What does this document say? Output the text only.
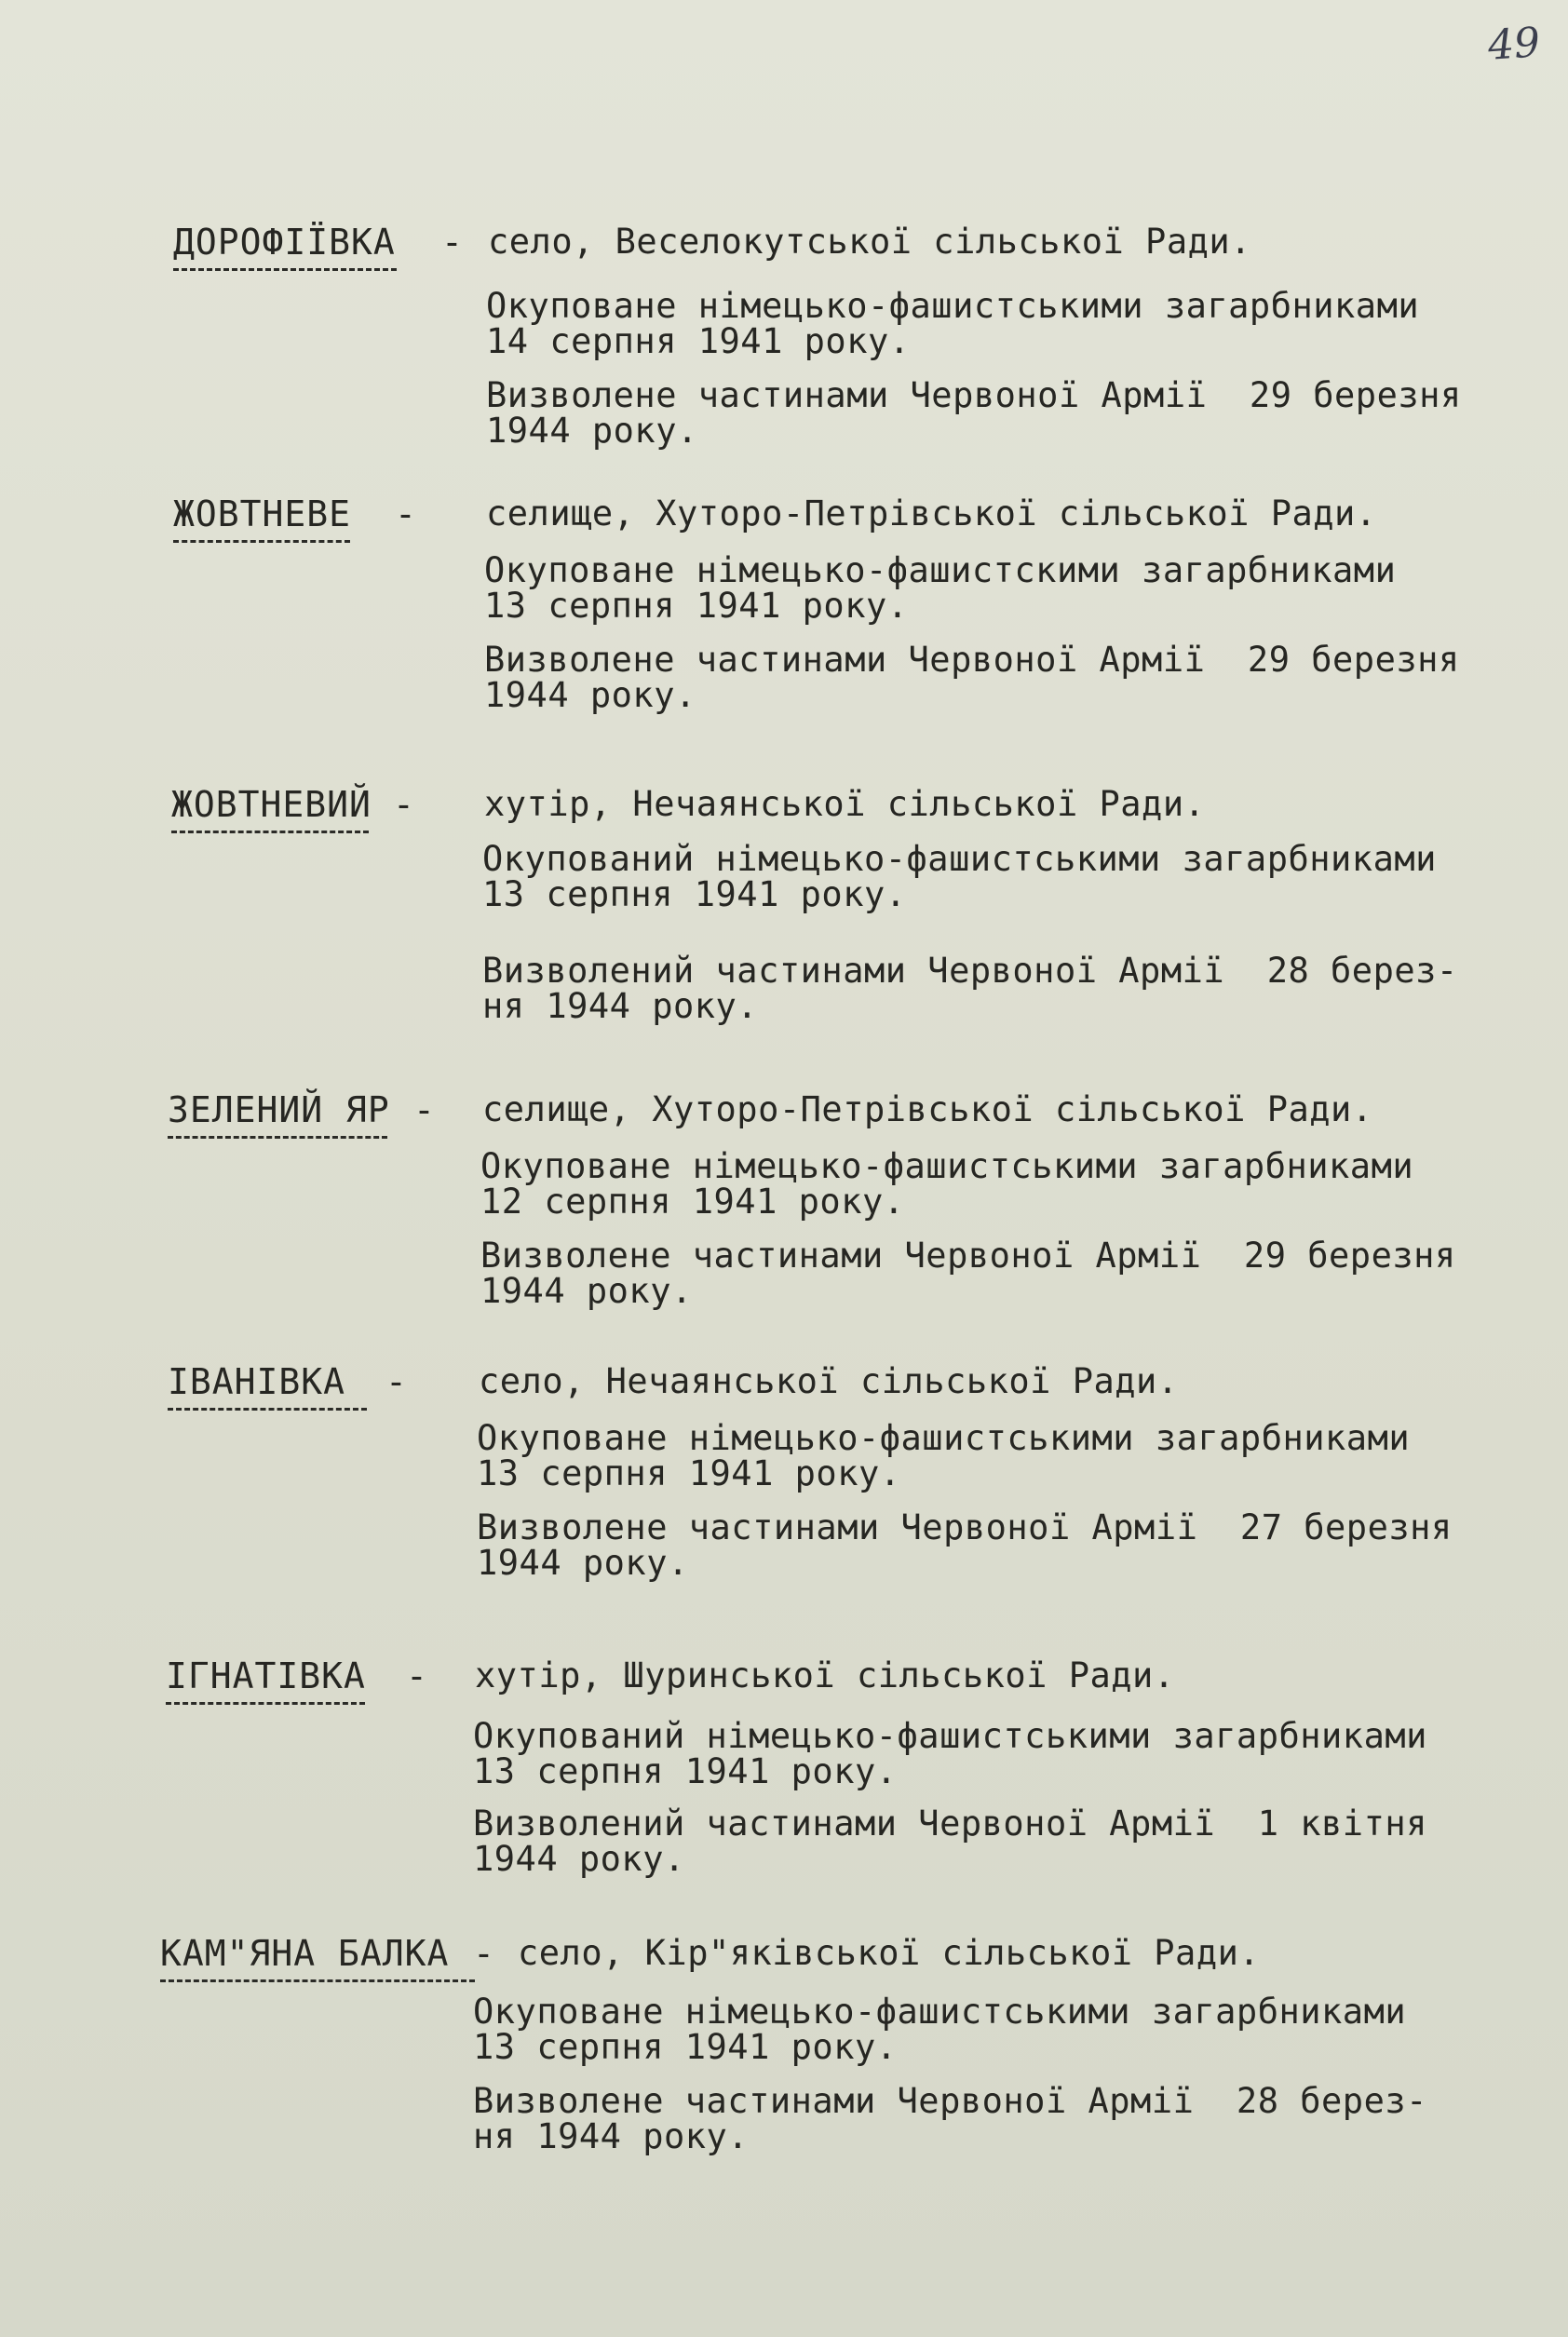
49
ДОРОФІЇВКА - село, Веселокутської сільської Ради.
Окуповане німецько-фашистськими загарбниками
14 серпня 1941 року.
Визволене частинами Червоної Армії  29 березня
1944 року.
ЖОВТНЕВЕ - селище, Хуторо-Петрівської сільської Ради.
Окуповане німецько-фашистскими загарбниками
13 серпня 1941 року.
Визволене частинами Червоної Армії  29 березня
1944 року.
ЖОВТНЕВИЙ - хутір, Нечаянської сільської Ради.
Окупований німецько-фашистськими загарбниками
13 серпня 1941 року.
Визволений частинами Червоної Армії  28 берез-
ня 1944 року.
ЗЕЛЕНИЙ ЯР - селище, Хуторо-Петрівської сільської Ради.
Окуповане німецько-фашистськими загарбниками
12 серпня 1941 року.
Визволене частинами Червоної Армії  29 березня
1944 року.
ІВАНІВКА - село, Нечаянської сільської Ради.
Окуповане німецько-фашистськими загарбниками
13 серпня 1941 року.
Визволене частинами Червоної Армії  27 березня
1944 року.
ІГНАТІВКА - хутір, Шуринської сільської Ради.
Окупований німецько-фашистськими загарбниками
13 серпня 1941 року.
Визволений частинами Червоної Армії  1 квітня
1944 року.
КАМ"ЯНА БАЛКА - село, Кір"яківської сільської Ради.
Окуповане німецько-фашистськими загарбниками
13 серпня 1941 року.
Визволене частинами Червоної Армії  28 берез-
ня 1944 року.
